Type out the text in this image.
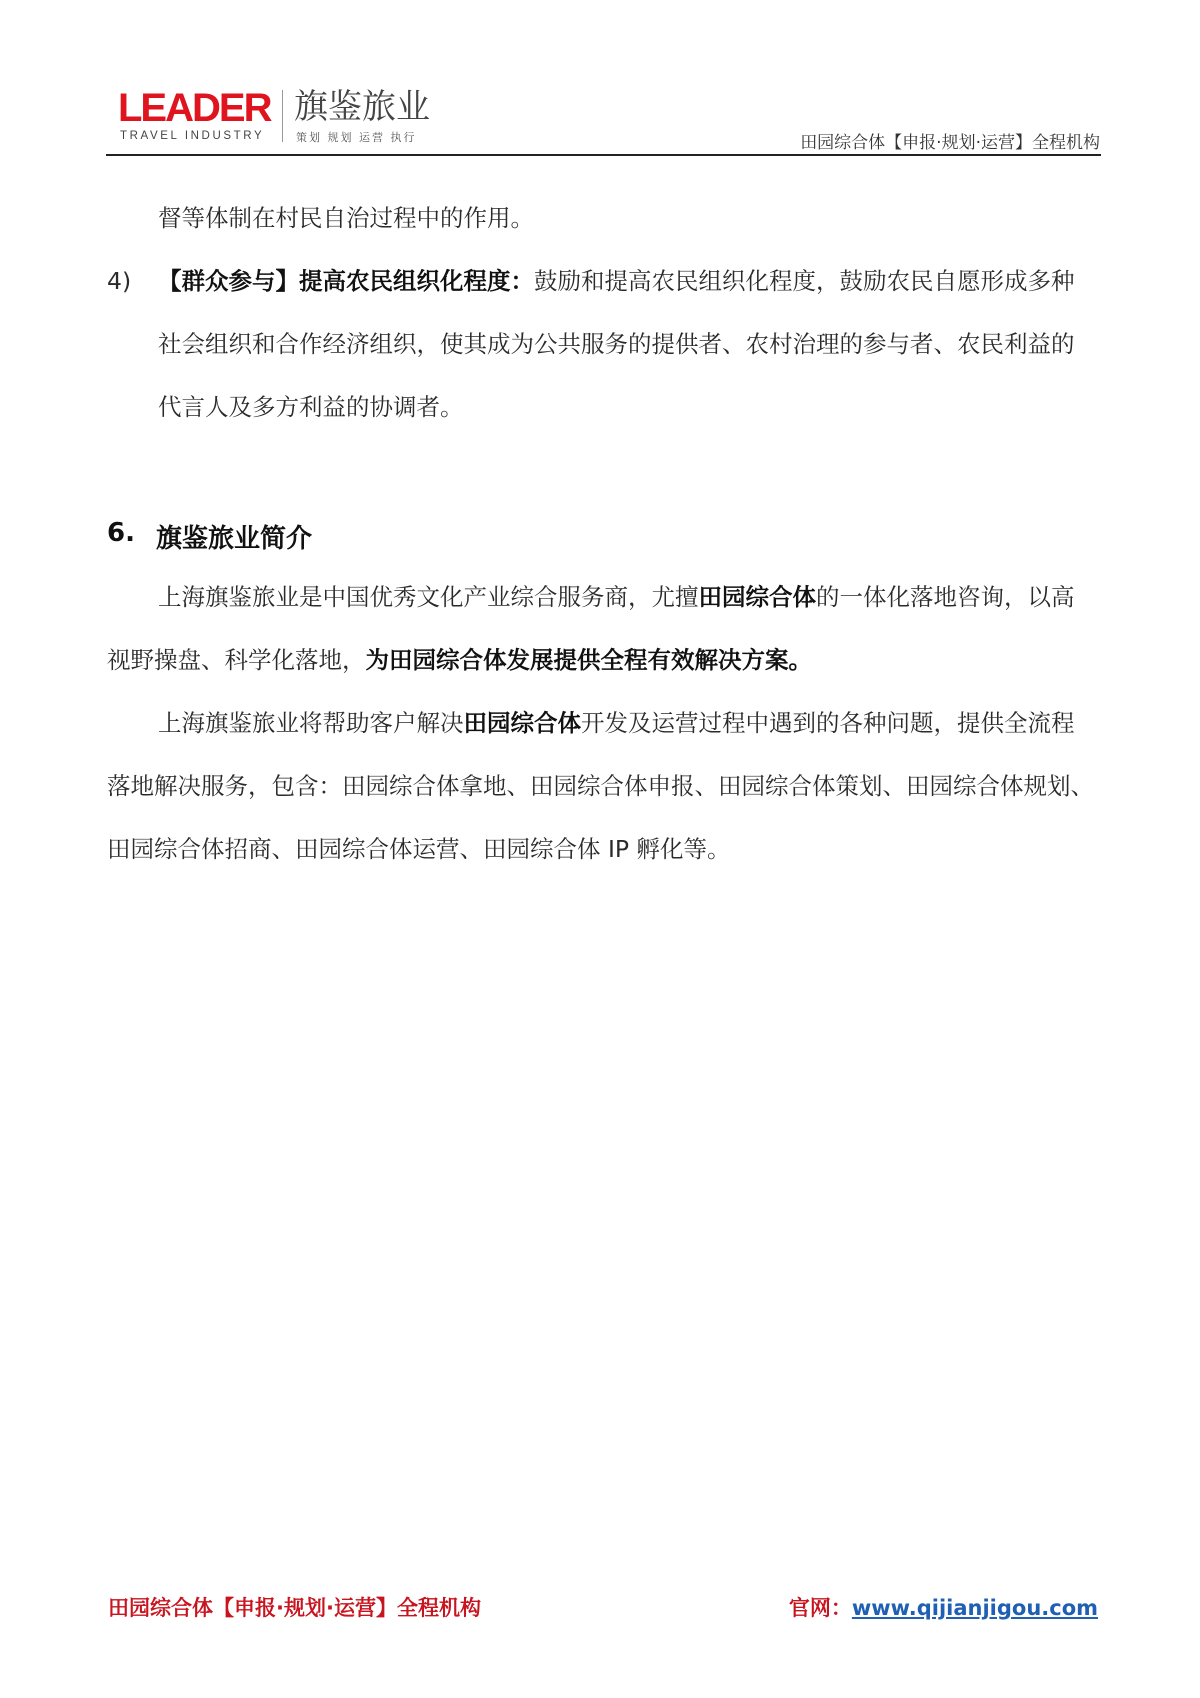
LEADER
TRAVEL INDUSTRY
旗鉴旅业
策划 规划 运营 执行	田园综合体【申报·规划·运营】全程机构
督等体制在村民自治过程中的作用。
4) 【群众参与】提高农民组织化程度：鼓励和提高农民组织化程度，鼓励农民自愿形成多种
社会组织和合作经济组织，使其成为公共服务的提供者、农村治理的参与者、农民利益的
代言人及多方利益的协调者。
6. 旗鉴旅业简介
上海旗鉴旅业是中国优秀文化产业综合服务商，尤擅田园综合体的一体化落地咨询，以高
视野操盘、科学化落地，为田园综合体发展提供全程有效解决方案。
上海旗鉴旅业将帮助客户解决田园综合体开发及运营过程中遇到的各种问题，提供全流程
落地解决服务，包含：田园综合体拿地、田园综合体申报、田园综合体策划、田园综合体规划、
田园综合体招商、田园综合体运营、田园综合体 IP 孵化等。
田园综合体【申报·规划·运营】全程机构	官网：www.qijianjigou.com
